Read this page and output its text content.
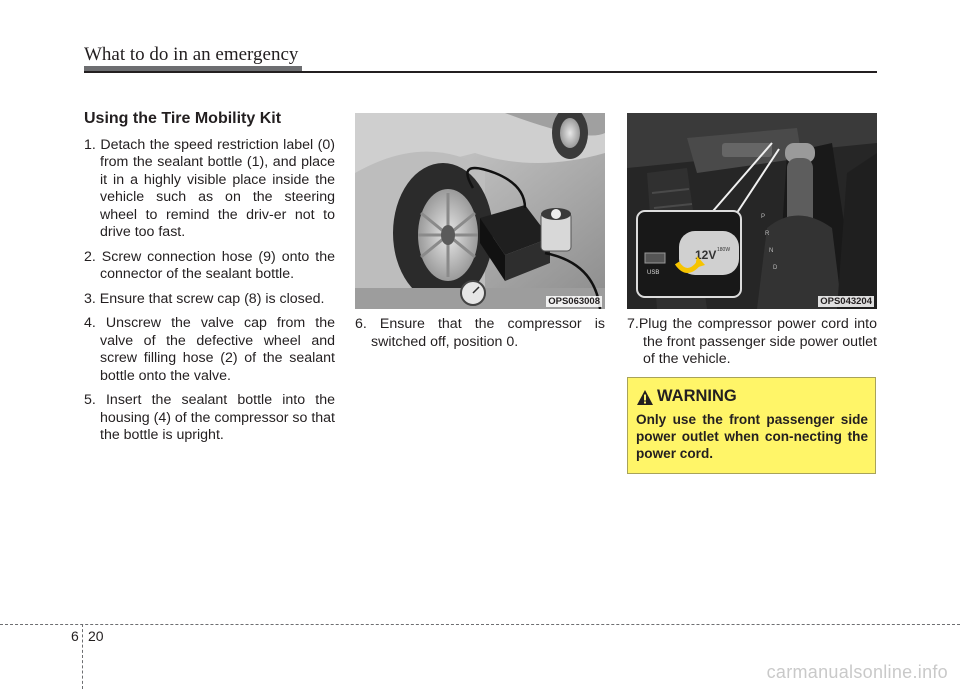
What to do in an emergency
Using the Tire Mobility Kit
1. Detach the speed restriction label (0) from the sealant bottle (1), and place it in a highly visible place inside the vehicle such as on the steering wheel to remind the driv-er not to drive too fast.
2. Screw connection hose (9) onto the connector of the sealant bottle.
3. Ensure that screw cap (8) is closed.
4. Unscrew the valve cap from the valve of the defective wheel and screw filling hose (2) of the sealant bottle onto the valve.
5. Insert the sealant bottle into the housing (4) of the compressor so that the bottle is upright.
OPS063008
P
R
N
D
USB
12V 180W
OPS043204
6. Ensure that the compressor is switched off, position 0.
7.Plug the compressor power cord into the front passenger side power outlet of the vehicle.
WARNING
Only use the front passenger side power outlet when con-necting the power cord.
6 20
carmanualsonline.info
